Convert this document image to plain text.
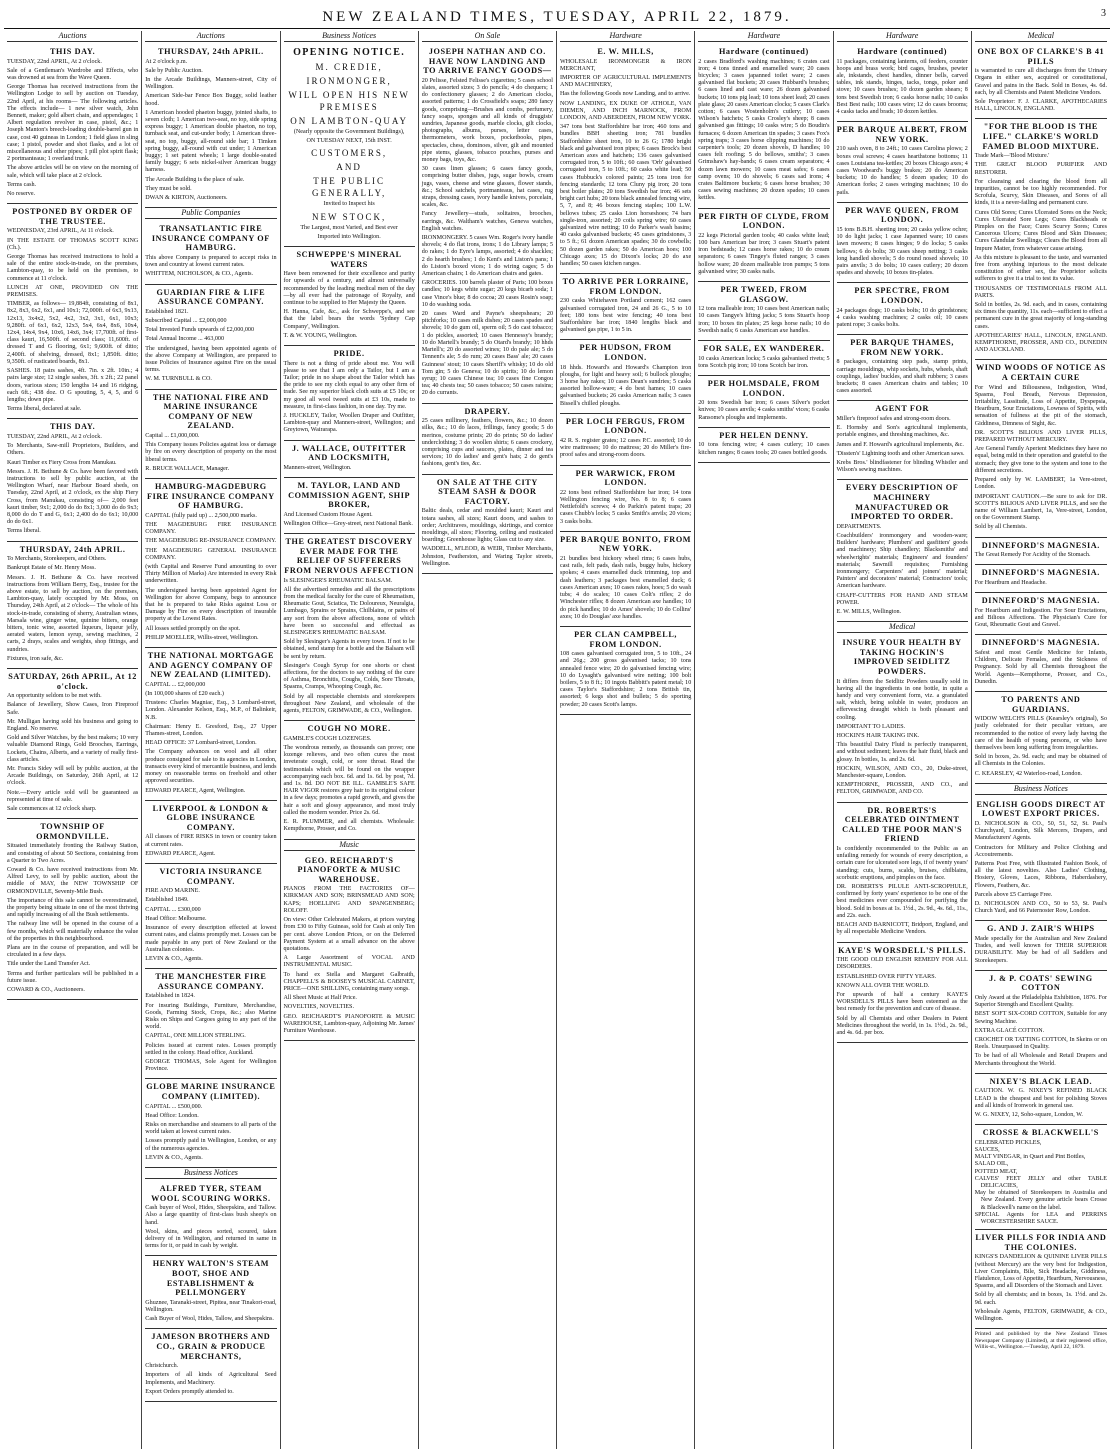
NEW ZEALAND TIMES, TUESDAY, APRIL 22, 1879.	3
Auctions
THIS DAY.

TUESDAY, 22nd APRIL, At 2 o'clock.

Sale of a Gentleman's Wardrobe and Effects, who was drowned at sea from the Wave Queen.

George Thomas has received instructions from the Wellington Lodge to sell by auction on Tuesday, 22nd April, at his rooms— The following articles. The effects include— 1 new silver watch, John Bennett, maker; gold albert chain, and appendages; 1 Albert regulation revolver in case, pistol, &c.; 1 Joseph Manton's breech-loading double-barrel gun in case, cost 40 guineas in London; 1 field glass in sling case; 1 pistol, powder and shot flasks, and a lot of miscellaneous and other pipes; 1 pill plot spirit flask; 2 portmanteaus; 1 overland trunk.

The above articles will be on view on the morning of sale, which will take place at 2 o'clock.

Terms cash.

No reserve.

POSTPONED BY ORDER OF THE TRUSTEE.

WEDNESDAY, 23rd APRIL, At 11 o'clock.

IN THE ESTATE OF THOMAS SCOTT KING (Ch.).

George Thomas has received instructions to hold a sale of the entire stock-in-trade, on the premises, Lambton-quay, to be held on the premises, to commence at 11 o'clock.

LUNCH AT ONE, PROVIDED ON THE PREMISES.

TIMBER, as follows— 19,884ft, consisting of 8x1, 8x2, 8x3, 6x2, 6x1, and 10x1; 72,000ft. of 6x3, 9x13, 12x13, 3x4x2, 5x2, 4x2, 3x2, 3x1, 6x1, 10x3; 9,280ft. of 6x1, 6x2, 12x3, 5x4, 6x4, 8x6, 10x4, 12x4, 14x4, 9x4, 10x6, 14x6, 3x4; 17,700ft. of first-class kauri, 16,500ft. of second class; 11,600ft. of dressed T and G flooring, 6x1; 9,600ft. of ditto; 2,400ft. of shelving, dressed, 8x1; 1,850ft. ditto; 9,350ft. of rusticated boards, 8x1.

SASHES. 18 pairs sashes, 4ft. 7in. x 2ft. 10in.; 4 pairs large size; 12 single sashes, 3ft. x 2ft.; 22 panel doors, various sizes; 150 lengths 14 and 16 ridging, each 6ft.; 438 doz. O G spouting, 5, 4, 5, and 6 lengths; down pipe.

Terms liberal, declared at sale.

THIS DAY.

TUESDAY, 22nd APRIL, At 2 o'clock.

To Merchants, Saw-mill Proprietors, Builders, and Others.

Kauri Timber ex Fiery Cross from Manukau.

Messrs. J. H. Bethune & Co. have been favored with instructions to sell by public auction, at the Wellington Wharf, near Harbour Board sheds, on Tuesday, 22nd April, at 2 o'clock, ex the ship Fiery Cross, from Manukau, consisting of— 2,000 feet kauri timber, 9x1; 2,000 do do 8x1; 3,000 do do 9x3; 8,000 do do T and G, 6x1; 2,400 do do 6x1; 10,000 do do 6x1.

Terms liberal.

THURSDAY, 24th APRIL.

To Merchants, Storekeepers, and Others.

Bankrupt Estate of Mr. Henry Moss.

Messrs. J. H. Bethune & Co. have received instructions from William Berry, Esq., trustee for the above estate, to sell by auction, on the premises, Lambton-quay, lately occupied by Mr. Moss, on Thursday, 24th April, at 2 o'clock— The whole of his stock-in-trade, consisting of sherry, Australian wines, Marsala wine, ginger wine, quinine bitters, orange bitters, tonic wine, assorted liqueurs, liqueur jelly, aerated waters, lemon syrup, sewing machines, 2 carts, 2 drays, scales and weights, shop fittings, and sundries.

Fixtures, iron safe, &c.

SATURDAY, 26th APRIL, At 12 o'clock.

An opportunity seldom to be met with.

Balance of Jewellery, Show Cases, Iron Fireproof Safe.

Mr. Mulligan having sold his business and going to England. No reserve.

Gold and Silver Watches, by the best makers; 10 very valuable Diamond Rings, Gold Brooches, Earrings, Lockets, Chains, Alberts, and a variety of really first-class articles.

Mr. Francis Sidey will sell by public auction, at the Arcade Buildings, on Saturday, 26th April, at 12 o'clock.

Note.—Every article sold will be guaranteed as represented at time of sale.

Sale commences at 12 o'clock sharp.

TOWNSHIP OF ORMONDVILLE.

Situated immediately fronting the Railway Station, and consisting of about 50 Sections, containing from a Quarter to Two Acres.

Coward & Co. have received instructions from Mr. Alfred Levy, to sell by public auction, about the middle of MAY, the NEW TOWNSHIP OF ORMONDVILLE, Seventy-Mile Bush.

The importance of this sale cannot be overestimated, the property being situate in one of the most thriving and rapidly increasing of all the Bush settlements.

The railway line will be opened in the course of a few months, which will materially enhance the value of the properties in this neighbourhood.

Plans are in the course of preparation, and will be circulated in a few days.

Title under the Land Transfer Act.

Terms and further particulars will be published in a future issue.

COWARD & CO., Auctioneers.

Auctions
THURSDAY, 24th APRIL.

At 2 o'clock p.m.

Sale by Public Auction.

In the Arcade Buildings, Manners-street, City of Wellington.

American Side-bar Fence Box Buggy, solid leather hood.

1 American hooded phaeton buggy, jointed shafts, to seven cloth; 1 American two-seat, no top, side spring express buggy; 1 American double phaeton, no top, turnback seat, and cut-under body; 1 American three-seat, no top, buggy, all-round side bar; 1 Timken spring buggy, all-round with cut under; 1 American buggy; 1 set patent wheels; 1 large double-seated family buggy; 6 sets nickel-silver American buggy harness.

The Arcade Building is the place of sale.

They must be sold.

DWAN & KIRTON, Auctioneers.

Public Companies
TRANSATLANTIC FIRE INSURANCE COMPANY OF HAMBURG.

This above Company is prepared to accept risks in town and country at lowest current rates.

WHITTEM, NICHOLSON, & CO., Agents.

GUARDIAN FIRE & LIFE ASSURANCE COMPANY.

Established 1821.

Subscribed Capital ... £2,000,000

Total Invested Funds upwards of £2,000,000

Total Annual Income ... 463,000

The undersigned, having been appointed agents of the above Company at Wellington, are prepared to issue Policies of Insurance against Fire on the usual terms.

W. M. TURNBULL & CO.

THE NATIONAL FIRE AND MARINE INSURANCE COMPANY OF NEW ZEALAND.

Capital ... £1,000,000.

This Company issues Policies against loss or damage by fire on every description of property on the most liberal terms.

R. BRUCE WALLACE, Manager.

HAMBURG-MAGDEBURG FIRE INSURANCE COMPANY OF HAMBURG.

CAPITAL (fully paid up) ... 2,500,000 marks.

THE MAGDEBURG FIRE INSURANCE COMPANY.

THE MAGDEBURG RE-INSURANCE COMPANY.

THE MAGDEBURG GENERAL INSURANCE COMPANY.

(with Capital and Reserve Fund amounting to over Thirty Million of Marks) Are interested in every Risk underwritten.

The undersigned having been appointed Agent for Wellington for above Company, begs to announce that he is prepared to take Risks against Loss or Damage by Fire on every description of insurable property at the Lowest Rates.

All losses settled promptly on the spot.

PHILIP MOELLER, Willis-street, Wellington.

THE NATIONAL MORTGAGE AND AGENCY COMPANY OF NEW ZEALAND (LIMITED).

CAPITAL ... £2,000,000

(In 100,000 shares of £20 each.)

Trustees: Charles Magniac, Esq., 3 Lombard-street, London. Alexander Kelson, Esq., M.P., of Balinkeir, N.B.

Chairman: Henry E. Gresford, Esq., 27 Upper Thames-street, London.

HEAD OFFICE: 37 Lombard-street, London.

The Company advances on wool and all other produce consigned for sale to its agencies in London, transacts every kind of mercantile business, and lends money on reasonable terms on freehold and other approved securities.

EDWARD PEARCE, Agent, Wellington.

LIVERPOOL & LONDON & GLOBE INSURANCE COMPANY.

All classes of FIRE RISKS in town or country taken at current rates.

EDWARD PEARCE, Agent.

VICTORIA INSURANCE COMPANY.

FIRE AND MARINE.

Established 1849.

CAPITAL ... £300,000

Head Office: Melbourne.

Insurance of every description effected at lowest current rates, and claims promptly met. Losses can be made payable in any port of New Zealand or the Australian colonies.

LEVIN & CO., Agents.

THE MANCHESTER FIRE ASSURANCE COMPANY.

Established in 1824.

For insuring Buildings, Furniture, Merchandise, Goods, Farming Stock, Crops, &c.; also Marine Risks on Ships and Cargoes going to any part of the world.

CAPITAL, ONE MILLION STERLING.

Policies issued at current rates. Losses promptly settled in the colony. Head office, Auckland.

GEORGE THOMAS, Sole Agent for Wellington Province.

GLOBE MARINE INSURANCE COMPANY (LIMITED).

CAPITAL ... £500,000.

Head Office: London.

Risks on merchandise and steamers to all parts of the world taken at lowest current rates.

Losses promptly paid in Wellington, London, or any of the numerous agencies.

LEVIN & CO., Agents.

Business Notices
ALFRED TYER, STEAM WOOL SCOURING WORKS.

Cash buyer of Wool, Hides, Sheepskins, and Tallow. Also a large quantity of first-class bush sheep's on hand.

Wool, skins, and pieces sorted, scoured, taken delivery of in Wellington, and returned in same in terms for it, or paid in cash by weight.

HENRY WALTON'S STEAM BOOT, SHOE AND ESTABLISHMENT & PELLMONGERY

Ghuznee, Taranaki-street, Pipitea, near Tinakori-road, Wellington.

Cash Buyer of Wool, Hides, Tallow, and Sheepskins.

JAMESON BROTHERS AND CO., GRAIN & PRODUCE MERCHANTS,

Christchurch.

Importers of all kinds of Agricultural Seed Implements, and Machinery.

Export Orders promptly attended to.

Business Notices
OPENING NOTICE.
M. CREDIE,
IRONMONGER,
WILL OPEN HIS NEW PREMISES
ON LAMBTON-QUAY
(Nearly opposite the Government Buildings),
ON TUESDAY NEXT, 15th INST.
CUSTOMERS,
AND
THE PUBLIC GENERALLY,
Invited to Inspect his
NEW STOCK,
The Largest, most Varied, and Best ever
Imported into Wellington.
SCHWEPPE'S MINERAL WATERS

Have been renowned for their excellence and purity for upwards of a century, and almost universally recommended by the leading medical men of the day—by all ever had the patronage of Royalty, and continue to be supplied to Her Majesty the Queen.

H. Hanna, Cafe, &c., ask for Schweppe's, and see that the label bears the words 'Sydney Cap Company', Wellington.

T. & W. YOUNG, Wellington.

PRIDE.

There is not a thing of pride about me. You will please to see that I am only a Tailor, but I am a Tailor; pride in no shape about the Tailor which has the pride to see my cloth equal to any other firm of trade. See my superior black cloth suits at £5 10s; or my good all wool tweed suits at £3 10s, made to measure, in first-class fashion, in one day. Try me.

J. HUCKLEY, Tailor, Woollen Draper and Outfitter, Lambton-quay and Manners-street, Wellington; and Greytown, Wairarapa.

J. WALLACE, OUTFITTER AND LOCKSMITH,

Manners-street, Wellington.

M. TAYLOR, LAND AND COMMISSION AGENT, SHIP BROKER,

And Licensed Custom House Agent.

Wellington Office—Grey-street, next National Bank.

THE GREATEST DISCOVERY EVER MADE FOR THE RELIEF OF SUFFERERS FROM NERVOUS AFFECTION

Is SLESINGER'S RHEUMATIC BALSAM.

All the advertised remedies and all the prescriptions from the medical faculty for the cure of Rheumatism, Rheumatic Gout, Sciatica, Tic Doloureux, Neuralgia, Lumbago, Sprains or Sprains, Chilblains, or pains of any sort from the above affections, none of which have been so successful and effectual as SLESINGER'S RHEUMATIC BALSAM.

Sold by Slesinger's Agents in every town. If not to be obtained, send stamp for a bottle and the Balsam will be sent by return.

Slesinger's Cough Syrup for one shorts or chest affections, for the doctors to say nothing of the cure of Asthma, Bronchitis, Coughs, Colds, Sore Throats, Spasms, Cramps, Whooping Cough, &c.

Sold by all respectable chemists and storekeepers throughout New Zealand, and wholesale of the agents, FELTON, GRIMWADE, & CO., Wellington.

COUGH NO MORE.

GAMBLE'S COUGH LOZENGES.

The wondrous remedy, as thousands can prove; one lozenge relieves, and two often cures the most inveterate cough, cold, or sore throat. Read the testimonials which will be found on the wrapper accompanying each box. 6d. and 1s. 6d. by post, 7d. and 1s. 8d. DO NOT BE ILL. GAMBLE'S SAFE HAIR VIGOR restores grey hair to its original colour in a few days; promotes a rapid growth, and gives the hair a soft and glossy appearance, and most truly called the modern wonder. Price 2s. 6d.

E. R. PLUMMER, and all chemists. Wholesale: Kempthorne, Prosser, and Co.

Music
GEO. REICHARDT'S PIANOFORTE & MUSIC WAREHOUSE.

PIANOS FROM THE FACTORIES OF— KIRKMAN AND SON; BRINSMEAD AND SON; KAPS; HOELLING AND SPANGENBERG; ROLOFF.

On view: Other Celebrated Makers, at prices varying from £30 to Fifty Guineas, sold for Cash at only Ten per cent. above London Prices, or on the Deferred Payment System at a small advance on the above quotations.

A Large Assortment of VOCAL AND INSTRUMENTAL MUSIC.

To hand ex Stella and Margaret Galbraith, CHAPPELL'S & BOOSEY'S MUSICAL CABINET, PRICE—ONE SHILLING, containing many songs.

All Sheet Music at Half Price.

NOVELTIES, NOVELTIES.

GEO. REICHARDT'S PIANOFORTE & MUSIC WAREHOUSE, Lambton-quay, Adjoining Mr. James' Furniture Warehouse.

On Sale
JOSEPH NATHAN AND CO. HAVE NOW LANDING AND TO ARRIVE FANCY GOODS—

20 Pelisse, Felsted Felisse's cigarettes; 5 cases school slates, assorted sizes; 3 do pencils; 4 do chequers; 1 do confectionery glasses; 2 do American clocks, assorted patterns; 1 do Crossfield's soaps; 280 fancy goods, comprising—Brushes and combs, perfumery, fancy soaps, sponges and all kinds of druggists' sundries, Japanese goods, marble clocks, gilt clocks, photographs, albums, purses, letter cases, thermometers, work boxes, pocketbooks, pipes, spectacles, chess, dominoes, silver, gilt and mounted pipe stems, glasses, tobacco pouches, purses and money bags, toys, &c.

30 cases linen glasses; 6 cases fancy goods, comprising butter dishes, jugs, sugar bowls, cream jugs, vases, cheese and wine glasses, flower stands, &c.; School satchels, portmanteaus, hat cases, rug straps, dressing cases, ivory handle knives, porcelain, scales, &c.

Fancy Jewellery—studs, solitaires, brooches, earrings, &c. Waltham's watches, Geneva watches, English watches.

IRONMONGERY. 5 cases Wm. Roger's ivory handle shovels; 4 do flat irons, irons; 1 do Library lamps; 5 do rakes; 1 do Eyre's lamps, assorted; 4 do shackles; 2 do hearth brushes; 1 do Kent's and Liston's pans; 1 do Liston's boxed vices; 1 do wiring cages; 5 do American chairs; 1 do American chairs and gates.

GROCERIES. 100 barrels plaster of Paris; 100 boxes candles; 10 kegs white sugar; 20 kegs bicarb soda; 1 case Vince's blue; 8 do cocoa; 20 cases Rosin's soap; 10 do washing soda.

20 cases Ward and Payne's sheepshears; 20 pitchforks; 10 cases milk dishes; 20 cases spades and shovels; 10 do gum oil, sperm oil; 5 do cast tobacco; 1 do pickles, assorted; 10 cases Hennessy's brandy; 10 do Martell's brandy; 5 do Otard's brandy; 10 hhds Martell's; 20 do assorted wines; 10 do pale ale; 5 do Tennent's ale; 5 do rum; 20 cases Bass' ale; 20 cases Guinness' stout; 10 cases Sheriff's whisky; 10 do old Tom gin; 5 do Geneva; 10 do spirits; 10 do lemon syrup; 10 cases Chinese tea; 10 cases fine Congou tea; 40 chests tea; 50 cases tobacco; 50 cases raisins; 20 do currants.

DRAPERY.

25 cases millinery, feathers, flowers, &c.; 10 dozen silks, &c.; 10 do laces, frillings, fancy goods; 5 do merinos, costume prints; 20 do prints; 50 do ladies' underclothing; 3 do woollen shirts; 6 cases crockery, comprising cups and saucers, plates, dinner and tea services; 10 do ladies' and gent's hats; 2 do gent's fashions, gent's ties, &c.

ON SALE AT THE CITY STEAM SASH & DOOR FACTORY.

Baltic deals, cedar and moulded kauri; Kauri and totara sashes, all sizes; Kauri doors, and sashes to order; Architraves, mouldings, skirtings, and cornice mouldings, all sizes; Flooring, ceiling and rusticated boarding; Greenhouse lights; Glass cut to any size.

WADDELL, M'LEOD, & WEIR, Timber Merchants, Johnston, Featherston, and Waring Taylor streets, Wellington.

Hardware
E. W. MILLS,

WHOLESALE IRONMONGER & IRON MERCHANT,

IMPORTER OF AGRICULTURAL IMPLEMENTS AND MACHINERY,

Has the following Goods now Landing, and to arrive.

NOW LANDING, EX DUKE OF ATHOLE, VAN DIEMEN, AND INCH MARNOCK, FROM LONDON, AND ABERDEEN, FROM NEW YORK.

347 tons best Staffordshire bar iron; 460 tons and bundles BBH sheeting iron; 781 bundles Staffordshire sheet iron, 10 to 26 G; 1780 bright black and galvanised iron pipes; 6 cases Brock's best American axes and hatchets; 136 cases galvanised corrugated iron, 5 to 10ft.; 60 cases 'Orb' galvanised corrugated iron, 5 to 10ft.; 60 casks white lead; 50 cases Hubbuck's colored paints; 25 tons iron for fencing standards; 12 tons Cluny pig iron; 20 tons best boiler plates; 20 tons Swedish bar iron; 46 sets bright cart hubs; 20 tons black annealed fencing wire, 5, 7, and 8; 46 boxes fencing staples; 100 L.W. bellows tubes; 25 casks Lion horseshoes; 74 bars single-iron, assorted; 20 coils spring wire; 60 cases galvanized wire netting; 10 do Parker's wash basins; 40 casks galvanised buckets; 45 cases grindstones, 3 to 5 ft.; 61 dozen American spades; 30 do cowbells; 50 dozen garden rakes; 50 do American hoes; 100 Chicago axes; 15 do Dixon's locks; 20 do axe handles; 50 cases kitchen ranges.

TO ARRIVE PER LORRAINE, FROM LONDON.

230 casks Whitehaven Portland cement; 162 cases galvanised corrugated iron, 24 and 26 G., 5 to 10 feet; 180 tons best wire fencing; 40 tons best Staffordshire bar iron; 1840 lengths black and galvanised gas pipe, 1 to 5 in.

PER HUDSON, FROM LONDON.

18 hhds. Howard's and Howard's Champion iron ploughs, for light and heavy soil; 6 bullock ploughs; 3 horse hay rakes; 10 cases Dean's sundries; 5 casks assorted hollow-ware; 4 do best hames; 10 cases galvanised buckets; 26 casks American nails; 3 cases Bissell's chilled ploughs.

PER LOCH FERGUS, FROM LONDON.

42 R. S. register grates; 12 cases P.C. assorted; 10 do wire mattresses; 10 do mattress; 20 do Miller's fire-proof safes and strong-room doors.

PER WARWICK, FROM LONDON.

22 tons best refined Staffordshire bar iron; 14 tons Wellington fencing wire, No. 8 to 8; 6 cases Nettlefold's screws; 4 do Parkin's patent traps; 20 cases Chubb's locks; 5 casks Smith's anvils; 20 vices; 3 casks bolts.

PER BARQUE BONITO, FROM NEW YORK.

21 bundles best hickory wheel rims; 6 cases hubs, cast rails, felt pads, dash rails, buggy hubs, hickory spokes; 4 cases enamelled duck trimming, top and dash leathers; 3 packages best enamelled duck; 6 cases American axes; 10 cases rakes, hoes; 5 do wash tubs; 4 do scales; 10 cases Colt's rifles; 2 do Winchester rifles; 8 dozen American axe handles; 10 do pick handles; 10 do Ames' shovels; 10 do Collins' axes; 10 do Douglas' axe handles.

PER CLAN CAMPBELL, FROM LONDON.

108 cases galvanised corrugated iron, 5 to 10ft., 24 and 26g.; 200 gross galvanised tacks; 10 tons annealed fence wire; 20 do galvanised fencing wire; 10 do Lysaght's galvanised wire netting; 100 bolt boilers, 5 to 8 ft.; 10 ingots Babbitt's patent metal; 10 cases Taylor's Staffordshire; 2 tons British tin, assorted; 6 kegs shot and bullets; 5 do sporting powder; 20 cases Scott's lamps.

Hardware
Hardware (continued)

2 cases Bradford's washing machines; 6 crates cast iron; 4 tons tinned and enamelled ware; 20 cases bicycles; 3 cases japanned toilet ware; 2 cases galvanised flat buckets; 20 cases Hubbard's brushes; 6 cases lined and cast ware; 26 dozen galvanised buckets; 10 tons pig lead; 10 tons sheet lead; 20 cases plate glass; 20 cases American clocks; 5 cases Clark's cotton; 6 cases Wostenholm's cutlery; 10 cases Wilson's hatchets; 5 casks Crosley's sheep; 8 cases galvanised gas fittings; 10 casks wire; 5 do Boudin's furnaces; 6 dozen American tin spades; 3 cases Fox's spring traps; 3 cases horse clipping machines; 10 do carpenter's tools; 20 dozen shovels, D handles; 10 cases felt roofing; 5 do bellows, smiths'; 3 cases Grimshaw's hay-bands; 6 cases cream separators; 4 dozen lawn mowers; 10 cases meat safes; 6 cases camp ovens; 10 do shovels; 6 cases sad irons; 4 crates Baltimore buckets; 6 cases horse brushes; 30 cases sewing machines; 20 dozen spades; 10 cases kettles.

PER FIRTH OF CLYDE, FROM LONDON.

22 kegs Pictorial garden tools; 40 casks white lead; 100 bars American bar iron; 3 cases Stuart's patent iron bedsteads; 12 cases horse rakes; 10 do cream separators; 6 cases Tingey's fluted ranges; 3 cases hollow ware; 20 dozen malleable iron pumps; 5 tons galvanised wire; 30 casks nails.

PER TWEED, FROM GLASGOW.

12 tons malleable iron; 10 cases best American nails; 10 cases Tangye's lifting jacks; 5 tons Stuart's hoop iron; 10 boxes tin plates; 25 kegs horse nails; 10 do Swedish nails; 6 casks American axe handles.

FOR SALE, EX WANDERER.

10 casks American locks; 5 casks galvanised rivets; 5 tons Scotch pig iron; 10 tons Scotch bar iron.

PER HOLMSDALE, FROM LONDON.

20 tons Swedish bar iron; 6 cases Silver's pocket knives; 10 cases anvils; 4 casks smiths' vices; 6 casks Ransome's ploughs and implements.

PER HELEN DENNY.

10 tons fencing wire; 4 cases cutlery; 10 cases kitchen ranges; 8 cases tools; 20 cases bottled goods.

Hardware
Hardware (continued)

11 packages, containing lanterns, oil feeders, counter hoops and brass work; bird cages, brushes, pewter ale, inkstands, chest handles, dinner bells, carved tables, ink stands, hinges, tacks, tongs, poker and stove; 10 cases brushes; 10 dozen garden shears; 8 tons best Swedish iron; 6 casks horse nails; 10 casks Best Best nails; 100 cases wire; 12 do cases brooms; 4 casks tacks and brads; 10 dozen kettles.

PER BARQUE ALBERT, FROM NEW YORK.

210 sash oven, 8 to 24ft.; 10 cases Carolina plows; 2 boxes oval screws; 4 cases hearthstone bottoms; 11 cases Louisiana tea-kettles; 20 boxes Chicago axes; 4 cases Woodward's buggy brakes; 20 do American buckets; 10 do handles; 5 dozen spades; 10 do American forks; 2 cases wringing machines; 10 do pails.

PER WAVE QUEEN, FROM LONDON.

15 tons B.B.H. sheeting iron; 20 casks yellow ochre; 10 do light jacks; 1 case Japanned ware; 10 cases lawn mowers; 8 cases hinges; 9 do locks; 5 casks bellows; 6 do bolts; 30 cases sheep netting; 3 casks long handled shovels; 5 do round nosed shovels; 10 pairs anvils; 3 do bolts; 10 cases cutlery; 20 dozen spades and shovels; 10 boxes tin-plates.

PER SPECTRE, FROM LONDON.

24 packages dogs; 10 casks bolts; 10 do grindstones; 4 casks washing machines; 2 casks oil; 10 cases patent rope; 3 casks bolts.

PER BARQUE THAMES, FROM NEW YORK.

8 packages, containing step pads, stamp prints, carriage mouldings, whip sockets, hubs, wheels, shaft couplings, ladies' buckles, and shaft rubbers; 3 cases brackets; 8 cases American chairs and tables; 10 cases assorted.

AGENT FOR

Miller's fireproof safes and strong-room doors.

E. Hornsby and Son's agricultural implements, portable engines, and threshing machines, &c.

James and F. Howard's agricultural implements, &c.

'Dissten's' Lightning tooth and other American saws.

Krebs Bros.' blindfastener for blinding Whistler and Wilson's sewing machines.

EVERY DESCRIPTION OF MACHINERY MANUFACTURED OR IMPORTED TO ORDER.

DEPARTMENTS.

Coachbuilders' ironmongery and wooden-ware; Builders' hardware; Plumbers' and gasfitters' goods and machinery; Ship chandlery; Blacksmiths' and wheelwrights' materials; Engineers' and founders' materials; Sawmill requisites; Furnishing ironmongery; Carpenters' and joiners' material; Painters' and decorators' material; Contractors' tools; American hardware.

CHAFF-CUTTERS FOR HAND AND STEAM POWER.

E. W. MILLS, Wellington.

Medical
INSURE YOUR HEALTH BY TAKING HOCKIN'S IMPROVED SEIDLITZ POWDERS.

It differs from the Seidlitz Powders usually sold in having all the ingredients in one bottle, in quite a handy and very convenient form, viz. a granulated salt, which, being soluble in water, produces an effervescing draught which is both pleasant and cooling.

IMPORTANT TO LADIES.

HOCKIN'S HAIR TAKING INK.

This beautiful Dairy Fluid is perfectly transparent, and without sediment; leaves the hair fluid, black and glossy. In bottles, 1s. and 2s. 6d.

HOCKIN, WILSON, AND CO., 20, Duke-street, Manchester-square, London.

KEMPTHORNE, PROSSER, AND CO., and FELTON, GRIMWADE, AND CO.

DR. ROBERTS'S CELEBRATED OINTMENT CALLED THE POOR MAN'S FRIEND

Is confidently recommended to the Public as an unfailing remedy for wounds of every description, a certain cure for ulcerated sore legs, if of twenty years' standing; cuts, burns, scalds, bruises, chilblains, scorbutic eruptions, and pimples on the face.

DR. ROBERTS'S PILULE ANTI-SCROPHULE, confirmed by forty years' experience to be one of the best medicines ever compounded for purifying the blood. Sold in boxes at 1s. 1½d., 2s. 9d., 4s. 6d., 11s., and 22s. each.

BEACH AND BARNICOTT, Bridport, England, and by all respectable Medicine Vendors.

KAYE'S WORSDELL'S PILLS.

THE GOOD OLD ENGLISH REMEDY FOR ALL DISORDERS.

ESTABLISHED OVER FIFTY YEARS.

KNOWN ALL OVER THE WORLD.

For upwards of half a century KAYE'S WORSDELL'S PILLS have been esteemed as the best remedy for the prevention and cure of disease.

Sold by all Chemists and other Dealers in Patent Medicines throughout the world, in 1s. 1½d., 2s. 9d., and 4s. 6d. per box.

Medical
ONE BOX OF CLARKE'S B 41 PILLS

is warranted to cure all discharges from the Urinary Organs in either sex, acquired or constitutional, Gravel and pains in the Back. Sold in Boxes, 4s. 6d. each, by all Chemists and Patent Medicine Vendors.

Sole Proprietor: F. J. CLARKE, APOTHECARIES HALL, LINCOLN, ENGLAND.

"FOR THE BLOOD IS THE LIFE." CLARKE'S WORLD FAMED BLOOD MIXTURE.

Trade Mark—'Blood Mixture.'

THE GREAT BLOOD PURIFIER AND RESTORER.

For cleansing and clearing the blood from all impurities, cannot be too highly recommended. For Scrofula, Scurvy, Skin Diseases, and Sores of all kinds, it is a never-failing and permanent cure.

Cures Old Sores; Cures Ulcerated Sores on the Neck; Cures Ulcerated Sore Legs; Cures Blackheads or Pimples on the Face; Cures Scurvy Sores; Cures Cancerous Ulcers; Cures Blood and Skin Diseases; Cures Glandular Swellings; Clears the Blood from all Impure Matter, from whatever cause arising.

As this mixture is pleasant to the taste, and warranted free from anything injurious to the most delicate constitution of either sex, the Proprietor solicits sufferers to give it a trial to test its value.

THOUSANDS OF TESTIMONIALS FROM ALL PARTS.

Sold in bottles, 2s. 9d. each, and in cases, containing six times the quantity, 11s. each—sufficient to effect a permanent cure in the great majority of long-standing cases.

APOTHECARIES' HALL, LINCOLN, ENGLAND. KEMPTHORNE, PROSSER, AND CO., DUNEDIN AND AUCKLAND.

WIND WOODS OF NOTICE AS A CERTAIN CURE

For Wind and Biliousness, Indigestion, Wind, Spasms, Foul Breath, Nervous Depression, Irritability, Lassitude, Loss of Appetite, Dyspepsia, Heartburn, Sour Eructations, Lowness of Spirits, with sensation of fullness at the pit of the stomach, Giddiness, Dimness of Sight, &c.

DR. SCOTT'S BILIOUS AND LIVER PILLS, PREPARED WITHOUT MERCURY.

Are General Family Aperient Medicines they have no equal, being mild in their operation and grateful to the stomach; they give tone to the system and tone to the different secretions.

Prepared only by W. LAMBERT, 1a Vere-street, London.

IMPORTANT CAUTION.—Be sure to ask for DR. SCOTT'S BILIOUS AND LIVER PILLS, and see the name of William Lambert, 1a, Vere-street, London, on the Government Stamp.

Sold by all Chemists.

DINNEFORD'S MAGNESIA.

The Great Remedy For Acidity of the Stomach.

DINNEFORD'S MAGNESIA.

For Heartburn and Headache.

DINNEFORD'S MAGNESIA.

For Heartburn and Indigestion. For Sour Eructations, and Bilious Affections. The Physician's Cure for Gout, Rheumatic Gout and Gravel.

DINNEFORD'S MAGNESIA.

Safest and most Gentle Medicine for Infants, Children, Delicate Females, and the Sickness of Pregnancy. Sold by all Chemists throughout the World. Agents—Kempthorne, Prosser, and Co., Dunedin.

TO PARENTS AND GUARDIANS.

WIDOW WELCH'S PILLS (Kearsley's original), So justly celebrated for their peculiar virtues, are recommended to the notice of every lady having the care of the health of young persons, or who have themselves been long suffering from irregularities.

Sold in boxes, 2s. 9d. each; and may be obtained of all Chemists in the Colonies.

C. KEARSLEY, 42 Waterloo-road, London.

Business Notices
ENGLISH GOODS DIRECT AT LOWEST EXPORT PRICES.

D. NICHOLSON & CO., 50, 51, 52, St. Paul's Churchyard, London, Silk Mercers, Drapers, and Manufacturers' Agents.

Contractors for Military and Police Clothing and Accoutrements.

Patterns Post Free, with Illustrated Fashion Book, of all the latest novelties. Also Ladies' Clothing, Hosiery, Gloves, Laces, Ribbons, Haberdashery, Flowers, Feathers, &c.

Parcels above £5 Carriage Free.

D. NICHOLSON AND CO., 50 to 53, St. Paul's Church Yard, and 66 Paternoster Row, London.

G. AND J. ZAIR'S WHIPS

Made specially for the Australian and New Zealand Trades, and well known for THEIR SUPERIOR DURABILITY. May be had of all Saddlers and Storekeepers.

J. & P. COATS' SEWING COTTON

Only Award at the Philadelphia Exhibition, 1876. For Superior Strength and Excellent Quality.

BEST SOFT SIX-CORD COTTON, Suitable for any Sewing Machine.

EXTRA GLACÉ COTTON.

CROCHET OR TATTING COTTON, In Skeins or on Reels. Unsurpassed in Quality.

To be had of all Wholesale and Retail Drapers and Merchants throughout the World.

NIXEY'S BLACK LEAD.

CAUTION. W. G. NIXEY'S REFINED BLACK LEAD is the cheapest and best for polishing Stoves and all kinds of Ironwork in general use.

W. G. NIXEY, 12, Soho-square, London, W.

CROSSE & BLACKWELL'S
CELEBRATED PICKLES,
SAUCES,
MALT VINEGAR, in Quart and Pint Bottles,
SALAD OIL,
POTTED MEAT,
CALVES' FEET JELLY and other TABLE DELICACIES,
May be obtained of Storekeepers in Australia and New Zealand. Every genuine article bears Crosse & Blackwell's name on the label.
SPECIAL Agents for LEA and PERRINS WORCESTERSHIRE SAUCE.
LIVER PILLS FOR INDIA AND THE COLONIES.

KINGS'S DANDELION & QUININE LIVER PILLS (without Mercury) are the very best for Indigestion, Liver Complaints, Bile, Sick Headache, Giddiness, Flatulence, Loss of Appetite, Heartburn, Nervousness, Spasms, and all Disorders of the Stomach and Liver.

Sold by all chemists; and in boxes, 1s. 1½d. and 2s. 9d. each.

Wholesale Agents, FELTON, GRIMWADE, & CO., Wellington.

Printed and published by the New Zealand Times Newspaper Company (Limited), at their registered office, Willis-st., Wellington.—Tuesday, April 22, 1879.
